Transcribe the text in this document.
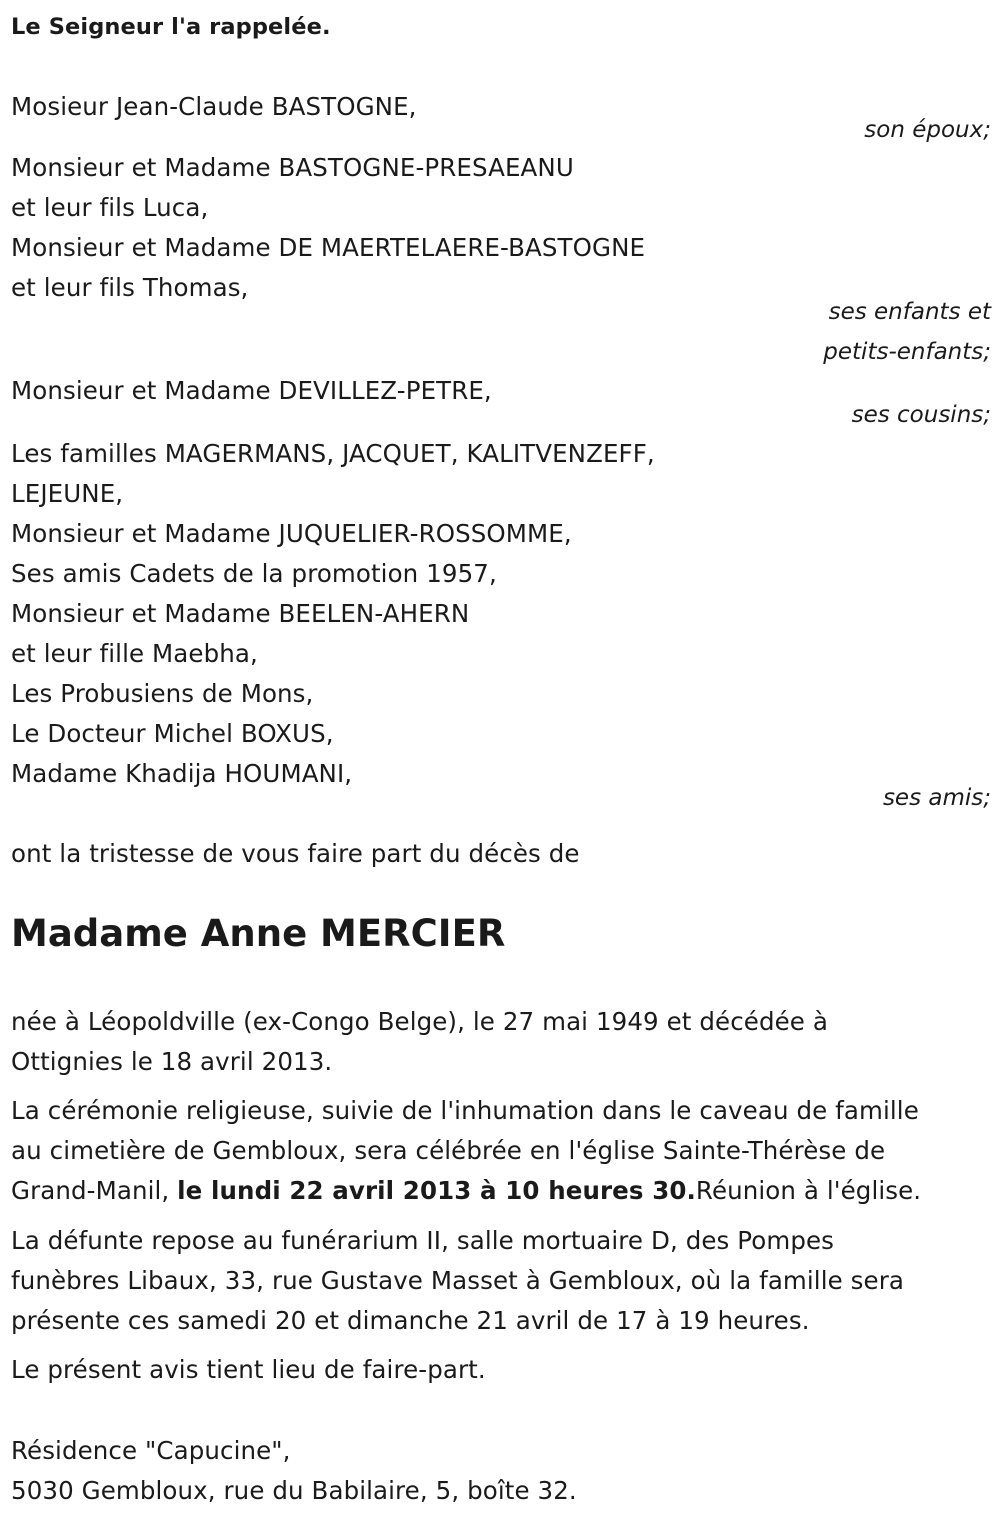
Le Seigneur l'a rappelée.
Mosieur Jean-Claude BASTOGNE,
son époux;
Monsieur et Madame BASTOGNE-PRESAEANU
et leur fils Luca,
Monsieur et Madame DE MAERTELAERE-BASTOGNE
et leur fils Thomas,
ses enfants et
petits-enfants;
Monsieur et Madame DEVILLEZ-PETRE,
ses cousins;
Les familles MAGERMANS, JACQUET, KALITVENZEFF,
LEJEUNE,
Monsieur et Madame JUQUELIER-ROSSOMME,
Ses amis Cadets de la promotion 1957,
Monsieur et Madame BEELEN-AHERN
et leur fille Maebha,
Les Probusiens de Mons,
Le Docteur Michel BOXUS,
Madame Khadija HOUMANI,
ses amis;
ont la tristesse de vous faire part du décès de
Madame Anne MERCIER
née à Léopoldville (ex-Congo Belge), le 27 mai 1949 et décédée à
Ottignies le 18 avril 2013.
La cérémonie religieuse, suivie de l'inhumation dans le caveau de famille
au cimetière de Gembloux, sera célébrée en l'église Sainte-Thérèse de
Grand-Manil, le lundi 22 avril 2013 à 10 heures 30.Réunion à l'église.
La défunte repose au funérarium II, salle mortuaire D, des Pompes
funèbres Libaux, 33, rue Gustave Masset à Gembloux, où la famille sera
présente ces samedi 20 et dimanche 21 avril de 17 à 19 heures.
Le présent avis tient lieu de faire-part.
Résidence "Capucine",
5030 Gembloux, rue du Babilaire, 5, boîte 32.
